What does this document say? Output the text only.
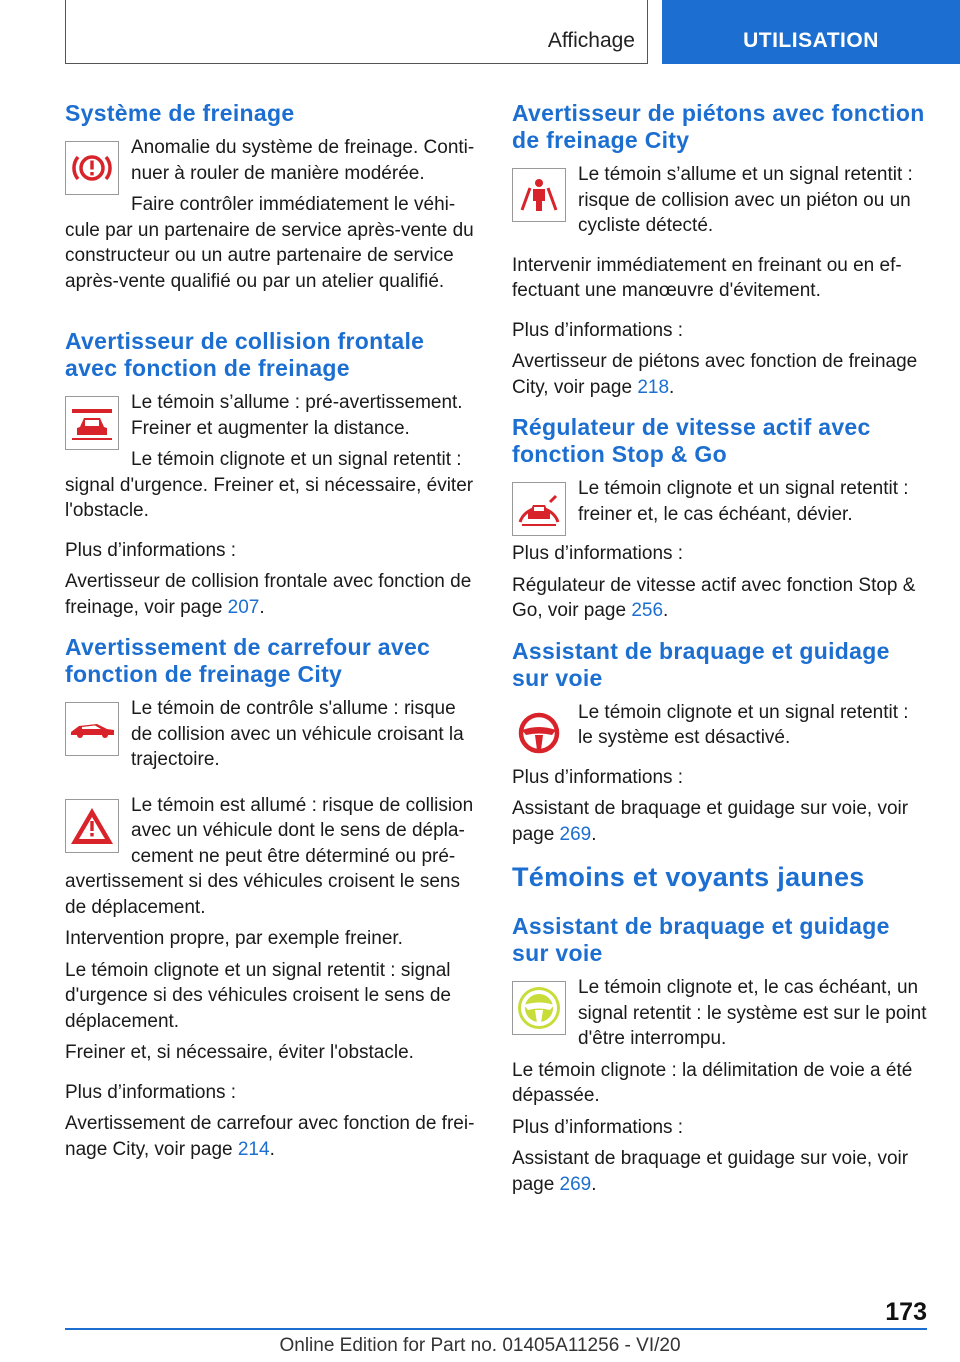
Affichage	UTILISATION
Système de freinage

Anomalie du système de freinage. Conti‐nuer à rouler de manière modérée.

Faire contrôler immédiatement le véhi‐cule par un partenaire de service après-vente du constructeur ou un autre partenaire de service après-vente qualifié ou par un atelier qualifié.

Avertisseur de collision frontale avec fonction de freinage

Le témoin s’allume : pré-avertissement. Freiner et augmenter la distance.

Le témoin clignote et un signal retentit : signal d'urgence. Freiner et, si nécessaire, éviter l'obstacle.

Plus d’informations :

Avertisseur de collision frontale avec fonction de freinage, voir page 207.

Avertissement de carrefour avec fonction de freinage City

Le témoin de contrôle s'allume : risque de collision avec un véhicule croisant la trajectoire.

Le témoin est allumé : risque de collision avec un véhicule dont le sens de dépla‐cement ne peut être déterminé ou pré-avertissement si des véhicules croisent le sens de déplacement.

Intervention propre, par exemple freiner.

Le témoin clignote et un signal retentit : signal d'urgence si des véhicules croisent le sens de déplacement.

Freiner et, si nécessaire, éviter l'obstacle.

Plus d’informations :

Avertissement de carrefour avec fonction de frei‐nage City, voir page 214.

Avertisseur de piétons avec fonction de freinage City

Le témoin s’allume et un signal retentit : risque de collision avec un piéton ou un cycliste détecté.

Intervenir immédiatement en freinant ou en ef‐fectuant une manœuvre d'évitement.

Plus d’informations :

Avertisseur de piétons avec fonction de freinage City, voir page 218.

Régulateur de vitesse actif avec fonction Stop & Go

Le témoin clignote et un signal retentit : freiner et, le cas échéant, dévier.

Plus d’informations :

Régulateur de vitesse actif avec fonction Stop & Go, voir page 256.

Assistant de braquage et guidage sur voie

Le témoin clignote et un signal retentit : le système est désactivé.

Plus d’informations :

Assistant de braquage et guidage sur voie, voir page 269.

Témoins et voyants jaunes
Assistant de braquage et guidage sur voie

Le témoin clignote et, le cas échéant, un signal retentit : le système est sur le point d'être interrompu.

Le témoin clignote : la délimitation de voie a été dépassée.

Plus d’informations :

Assistant de braquage et guidage sur voie, voir page 269.

173
Online Edition for Part no. 01405A11256 - VI/20
